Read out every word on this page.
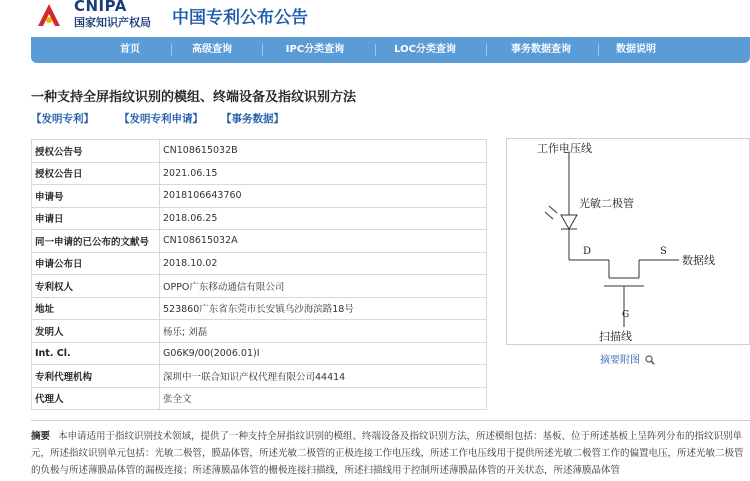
CNIPA
国家知识产权局 中国专利公布公告
首页	高级查询	IPC分类查询	LOC分类查询	事务数据查询	数据说明
一种支持全屏指纹识别的模组、终端设备及指纹识别方法
【发明专利】 【发明专利申请】 【事务数据】
授权公告号	CN108615032B
授权公告日	2021.06.15
申请号	2018106643760
申请日	2018.06.25
同一申请的已公布的文献号	CN108615032A
申请公布日	2018.10.02
专利权人	OPPO广东移动通信有限公司
地址	523860广东省东莞市长安镇乌沙海滨路18号
发明人	杨乐; 刘磊
Int. Cl.	G06K9/00(2006.01)I
专利代理机构	深圳中一联合知识产权代理有限公司44414
代理人	张全文
工作电压线
光敏二极管
D	S
数据线
G
扫描线
摘要附图
摘要 本申请适用于指纹识别技术领域，提供了一种支持全屏指纹识别的模组、终端设备及指纹识别方法，所述模组包括：基板、位于所述基板上呈阵列分布的指纹识别单元，所述指纹识别单元包括：光敏二极管，膜晶体管，所述光敏二极管的正极连接工作电压线，所述工作电压线用于提供所述光敏二极管工作的偏置电压，所述光敏二极管的负极与所述薄膜晶体管的漏极连接；所述薄膜晶体管的栅极连接扫描线，所述扫描线用于控制所述薄膜晶体管的开关状态，所述薄膜晶体管
